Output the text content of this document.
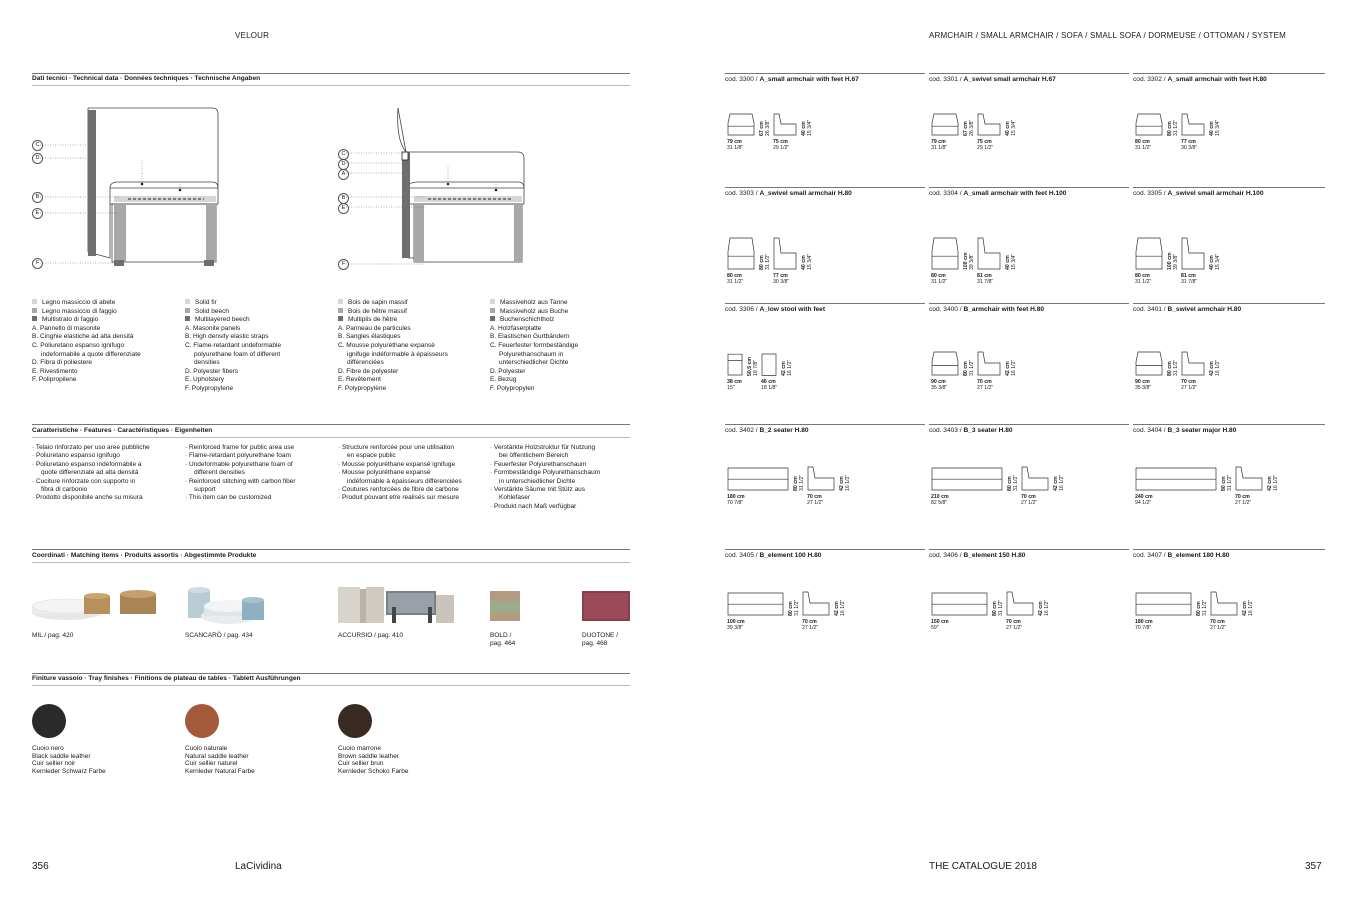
VELOUR	ARMCHAIR / SMALL ARMCHAIR / SOFA / SMALL SOFA / DORMEUSE / OTTOMAN / SYSTEM
Dati tecnici · Technical data · Données techniques · Technische Angaben
C
D
B
E
F
C
D
A
B
E
F
Legno massiccio di abete
Legno massiccio di faggio
Multistrato di faggio
A. Pannello di masonite
B. Cinghie elastiche ad alta densità
C. Poliuretano espanso ignifugo
indeformabile a quote differenziate
D. Fibra di poliestere
E. Rivestimento
F. Polipropilene
Solid fir
Solid beech
Multilayered beech
A. Masonite panels
B. High density elastic straps
C. Flame-retardant undeformable
polyurethane foam of different
densities
D. Polyester fibers
E. Upholstery
F. Polypropylene
Bois de sapin massif
Bois de hêtre massif
Multiplis de hêtre
A. Panneau de particules
B. Sangles élastiques
C. Mousse polyuréthane expansé
ignifuge indéformable à épaisseurs
différenciées
D. Fibre de polyester
E. Revêtement
F. Polypropylène
Massiveholz aus Tanne
Massiveholz aus Buche
Buchenschichtholz
A. Holzfaserplatte
B. Elastischen Gurtbändern
C. Feuerfester formbeständige
Polyurethanschaum in
unterschiedlicher Dichte
D. Polyester
E. Bezug
F. Polypropylen
Caratteristiche · Features · Caractéristiques · Eigenheiten
· Telaio rinforzato per uso aree pubbliche
· Poliuretano espanso ignifugo
· Poliuretano espanso indeformabile a
quote differenziate ad alta densità
· Cuciture rinforzate con supporto in
fibra di carbonio
· Prodotto disponibile anche su misura
· Reinforced frame for public area use
· Flame-retardant polyurethane foam
· Undeformable polyurethane foam of
different densities
· Reinforced stitching with carbon fiber
support
· This item can be customized
· Structure renforcée pour une utilisation
en espace public
· Mousse polyuréthane expansé ignifuge
· Mousse polyuréthane expansé
indéformable à épaisseurs différenciées
· Coutures renforcées de fibre de carbone
· Produit pouvant etre realisés sur mesure
· Verstärkte Holzstruktur für Nutzung
bei öffentlichem Bereich
· Feuerfester Polyurethanschaum
· Formbeständige Polyurethanschaum
in unterschiedlicher Dichte
· Verstärkte Säume mit Stütz aus
Kohlefaser
· Produkt nach Maß verfügbar
Coordinati · Matching items · Produits assortis · Abgestimmte Produkte
MIL / pag. 420	SCANCARÒ / pag. 434	ACCURSIO / pag. 410	BOLD /
pag. 464
DUOTONE /
pag. 468
Finiture vassoio · Tray finishes · Finitions de plateau de tables · Tablett Ausführungen
Cuoio nero
Black saddle leather
Cuir sellier noir
Kernleder Schwarz Farbe
Cuoio naturale
Natural saddle leather
Cuir sellier naturel
Kernleder Natural Farbe
Cuoio marrone
Brown saddle leather
Cuir sellier brun
Kernleder Schoko Farbe
cod. 3300 / A_small armchair with feet H.67
67 cm
26 3/8"	40 cm
15 3/4"
79 cm
31 1/8"
75 cm
29 1/2"
cod. 3301 / A_swivel small armchair H.67
67 cm
26 3/8"	40 cm
15 3/4"
79 cm
31 1/8"
75 cm
29 1/2"
cod. 3302 / A_small armchair with feet H.80
80 cm
31 1/2"	40 cm
15 3/4"
80 cm
31 1/2"
77 cm
30 3/8"
cod. 3303 / A_swivel small armchair H.80
80 cm
31 1/2"	40 cm
15 3/4"
80 cm
31 1/2"
77 cm
30 3/8"
cod. 3304 / A_small armchair with feet H.100
100 cm
39 3/8"	40 cm
15 3/4"
80 cm
31 1/2"
81 cm
31 7/8"
cod. 3305 / A_swivel small armchair H.100
100 cm
39 3/8"	40 cm
15 3/4"
80 cm
31 1/2"
81 cm
31 7/8"
cod. 3306 / A_low stool with feet
50,5 cm
19 7/8"	42 cm
16 1/2"
38 cm
15"
46 cm
18 1/8"
cod. 3400 / B_armchair with feet H.80
80 cm
31 1/2"	42 cm
16 1/2"
90 cm
35 3/8"
70 cm
27 1/2"
cod. 3401 / B_swivel armchair H.80
80 cm
31 1/2"	42 cm
16 1/2"
90 cm
35 3/8"
70 cm
27 1/2"
cod. 3402 / B_2 seater H.80
80 cm
31 1/2"	42 cm
16 1/2"
180 cm
70 7/8"
70 cm
27 1/2"
cod. 3403 / B_3 seater H.80
80 cm
31 1/2"	42 cm
16 1/2"
210 cm
82 5/8"
70 cm
27 1/2"
cod. 3404 / B_3 seater major H.80
80 cm
31 1/2"	42 cm
16 1/2"
240 cm
94 1/2"
70 cm
27 1/2"
cod. 3405 / B_element 100 H.80
80 cm
31 1/2"	42 cm
16 1/2"
100 cm
39 3/8"
70 cm
27 1/2"
cod. 3406 / B_element 150 H.80
80 cm
31 1/2"	42 cm
16 1/2"
150 cm
59"
70 cm
27 1/2"
cod. 3407 / B_element 180 H.80
80 cm
31 1/2"	42 cm
16 1/2"
180 cm
70 7/8"
70 cm
27 1/2"
356	LaCividina	THE CATALOGUE 2018	357
